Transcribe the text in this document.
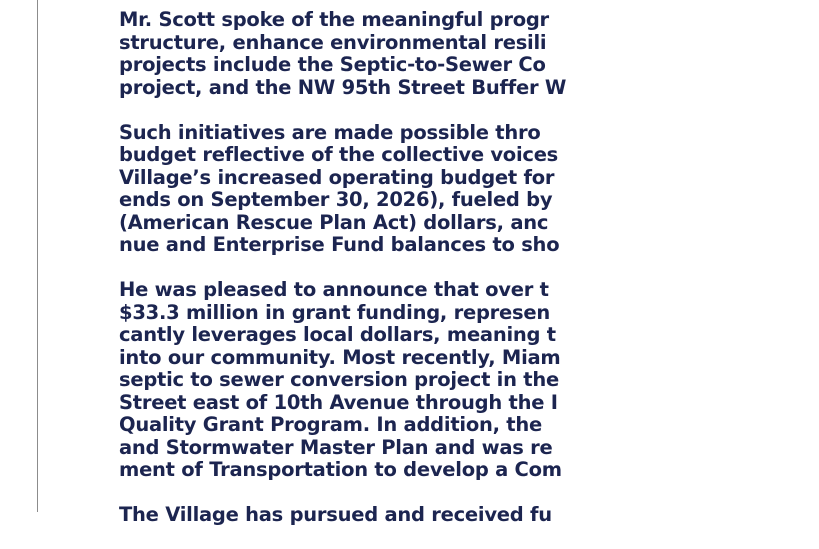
Mr. Scott spoke of the meaningful progr
structure, enhance environmental resili
projects include the Septic-to-Sewer Co
project, and the NW 95th Street Buffer W

Such initiatives are made possible thro
budget reflective of the collective voices
Village’s increased operating budget for
ends on September 30, 2026), fueled by
(American Rescue Plan Act) dollars, anc
nue and Enterprise Fund balances to sho

He was pleased to announce that over t
$33.3 million in grant funding, represen
cantly leverages local dollars, meaning t
into our community. Most recently, Miam
septic to sewer conversion project in the
Street east of 10th Avenue through the I
Quality Grant Program. In addition, the
and Stormwater Master Plan and was re
ment of Transportation to develop a Com

The Village has pursued and received fu
